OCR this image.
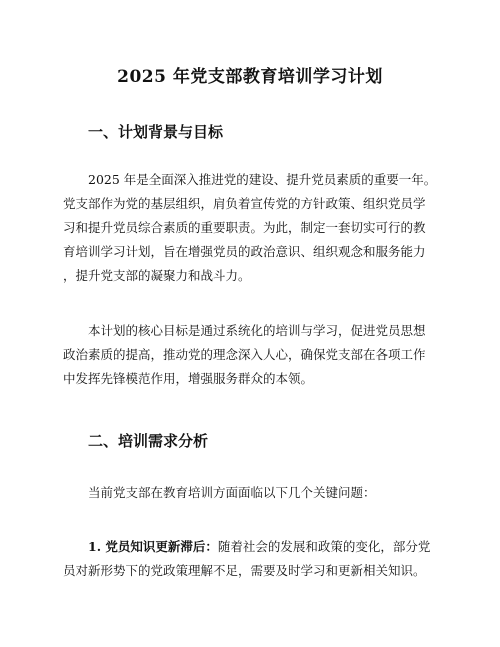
2025 年党支部教育培训学习计划
一、计划背景与目标
2025 年是全面深入推进党的建设、提升党员素质的重要一年。
党支部作为党的基层组织，肩负着宣传党的方针政策、组织党员学
习和提升党员综合素质的重要职责。为此，制定一套切实可行的教
育培训学习计划，旨在增强党员的政治意识、组织观念和服务能力
，提升党支部的凝聚力和战斗力。
本计划的核心目标是通过系统化的培训与学习，促进党员思想
政治素质的提高，推动党的理念深入人心，确保党支部在各项工作
中发挥先锋模范作用，增强服务群众的本领。
二、培训需求分析
当前党支部在教育培训方面面临以下几个关键问题：
1. 党员知识更新滞后：随着社会的发展和政策的变化，部分党
员对新形势下的党政策理解不足，需要及时学习和更新相关知识。
